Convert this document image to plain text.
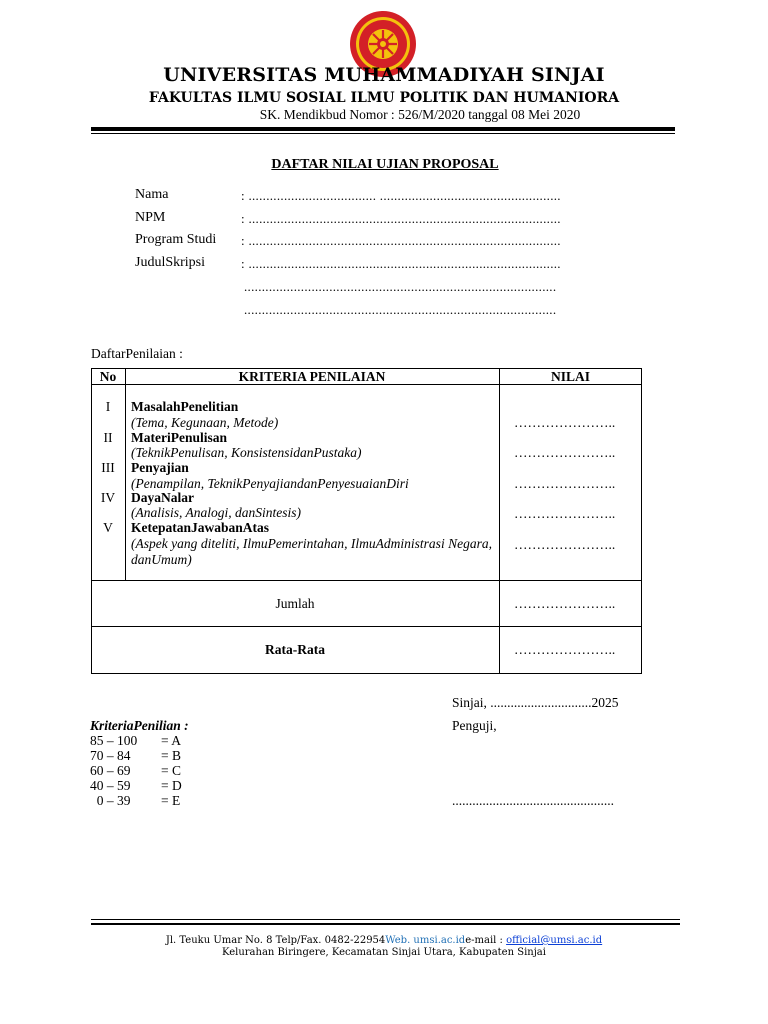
UNIVERSITAS MUHAMMADIYAH SINJAI
FAKULTAS ILMU SOSIAL ILMU POLITIK DAN HUMANIORA
SK. Mendikbud Nomor : 526/M/2020 tanggal 08 Mei 2020
DAFTAR NILAI UJIAN PROPOSAL
Nama	: .................................... ...................................................
NPM	: ........................................................................................
Program Studi : ........................................................................................
JudulSkripsi	: ........................................................................................
........................................................................................
........................................................................................
DaftarPenilaian :
No	KRITERIA PENILAIAN	NILAI
I	MasalahPenelitian
(Tema, Kegunaan, Metode)	…………………..
II	MateriPenulisan
(TeknikPenulisan, KonsistensidanPustaka)	…………………..
III	Penyajian
(Penampilan, TeknikPenyajiandanPenyesuaianDiri	…………………..
IV	DayaNalar
(Analisis, Analogi, danSintesis)	…………………..
V	KetepatanJawabanAtas
(Aspek yang diteliti, IlmuPemerintahan, IlmuAdministrasi Negara, danUmum)
…………………..
Jumlah	…………………..
Rata-Rata	…………………..
Sinjai, ..............................2025
Penguji,
................................................
KriteriaPenilian :
85 – 100 = A
70 – 84 = B
60 – 69 = C
40 – 59 = D
0 – 39 = E
Jl. Teuku Umar No. 8 Telp/Fax. 0482-22954Web. umsi.ac.ide-mail : official@umsi.ac.id
Kelurahan Biringere, Kecamatan Sinjai Utara, Kabupaten Sinjai
